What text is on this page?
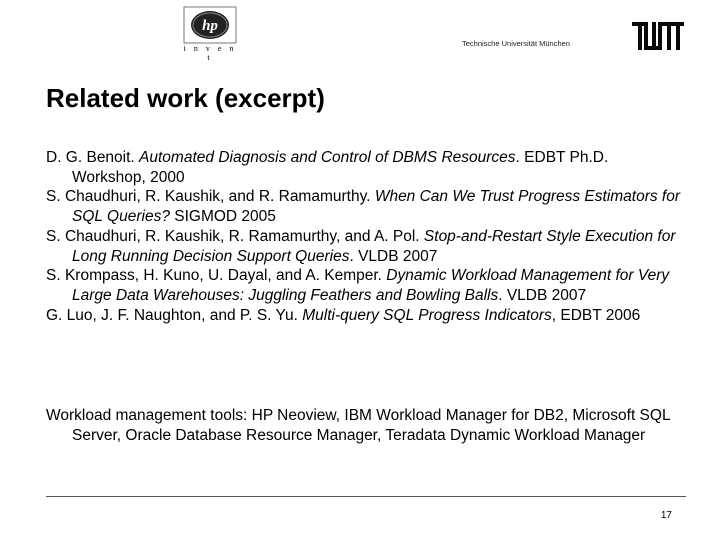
hp
i n v e n t
Technische Universität München
Related work (excerpt)
D. G. Benoit. Automated Diagnosis and Control of DBMS Resources. EDBT Ph.D. Workshop, 2000
S. Chaudhuri, R. Kaushik, and R. Ramamurthy. When Can We Trust Progress Estimators for SQL Queries? SIGMOD 2005
S. Chaudhuri, R. Kaushik, R. Ramamurthy, and A. Pol. Stop-and-Restart Style Execution for Long Running Decision Support Queries. VLDB 2007
S. Krompass, H. Kuno, U. Dayal, and A. Kemper. Dynamic Workload Management for Very Large Data Warehouses: Juggling Feathers and Bowling Balls. VLDB 2007
G. Luo, J. F. Naughton, and P. S. Yu. Multi-query SQL Progress Indicators, EDBT 2006

Workload management tools: HP Neoview, IBM Workload Manager for DB2, Microsoft SQL Server, Oracle Database Resource Manager, Teradata Dynamic Workload Manager

17
